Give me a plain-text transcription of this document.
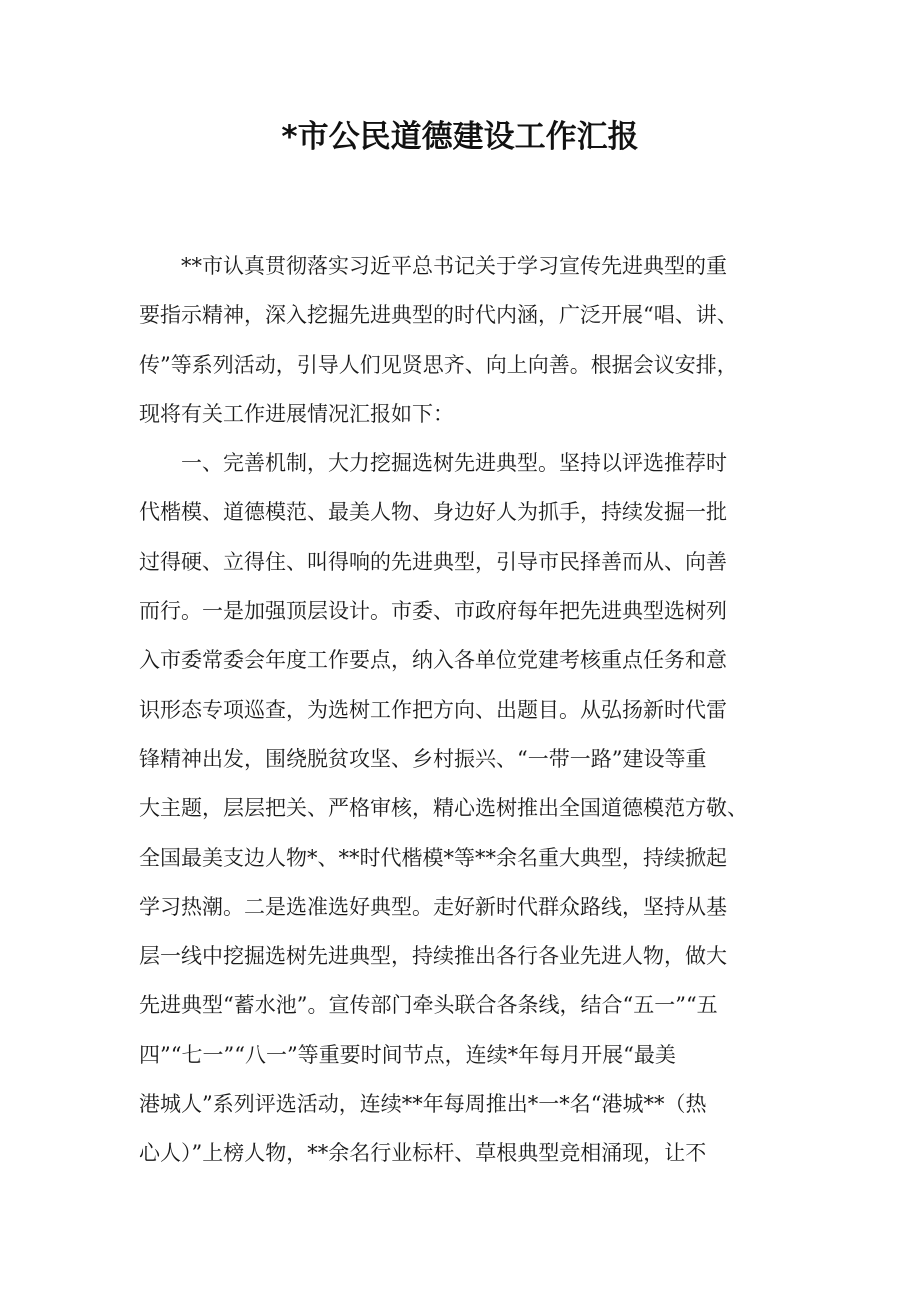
*市公民道德建设工作汇报
　　**市认真贯彻落实习近平总书记关于学习宣传先进典型的重
要指示精神，深入挖掘先进典型的时代内涵，广泛开展“唱、讲、
传”等系列活动，引导人们见贤思齐、向上向善。根据会议安排，
现将有关工作进展情况汇报如下：
　　一、完善机制，大力挖掘选树先进典型。坚持以评选推荐时
代楷模、道德模范、最美人物、身边好人为抓手，持续发掘一批
过得硬、立得住、叫得响的先进典型，引导市民择善而从、向善
而行。一是加强顶层设计。市委、市政府每年把先进典型选树列
入市委常委会年度工作要点，纳入各单位党建考核重点任务和意
识形态专项巡查，为选树工作把方向、出题目。从弘扬新时代雷
锋精神出发，围绕脱贫攻坚、乡村振兴、“一带一路”建设等重
大主题，层层把关、严格审核，精心选树推出全国道德模范方敬、
全国最美支边人物*、**时代楷模*等**余名重大典型，持续掀起
学习热潮。二是选准选好典型。走好新时代群众路线，坚持从基
层一线中挖掘选树先进典型，持续推出各行各业先进人物，做大
先进典型“蓄水池”。宣传部门牵头联合各条线，结合“五一”“五
四”“七一”“八一”等重要时间节点，连续*年每月开展“最美
港城人”系列评选活动，连续**年每周推出*一*名“港城**（热
心人）”上榜人物，**余名行业标杆、草根典型竞相涌现，让不
